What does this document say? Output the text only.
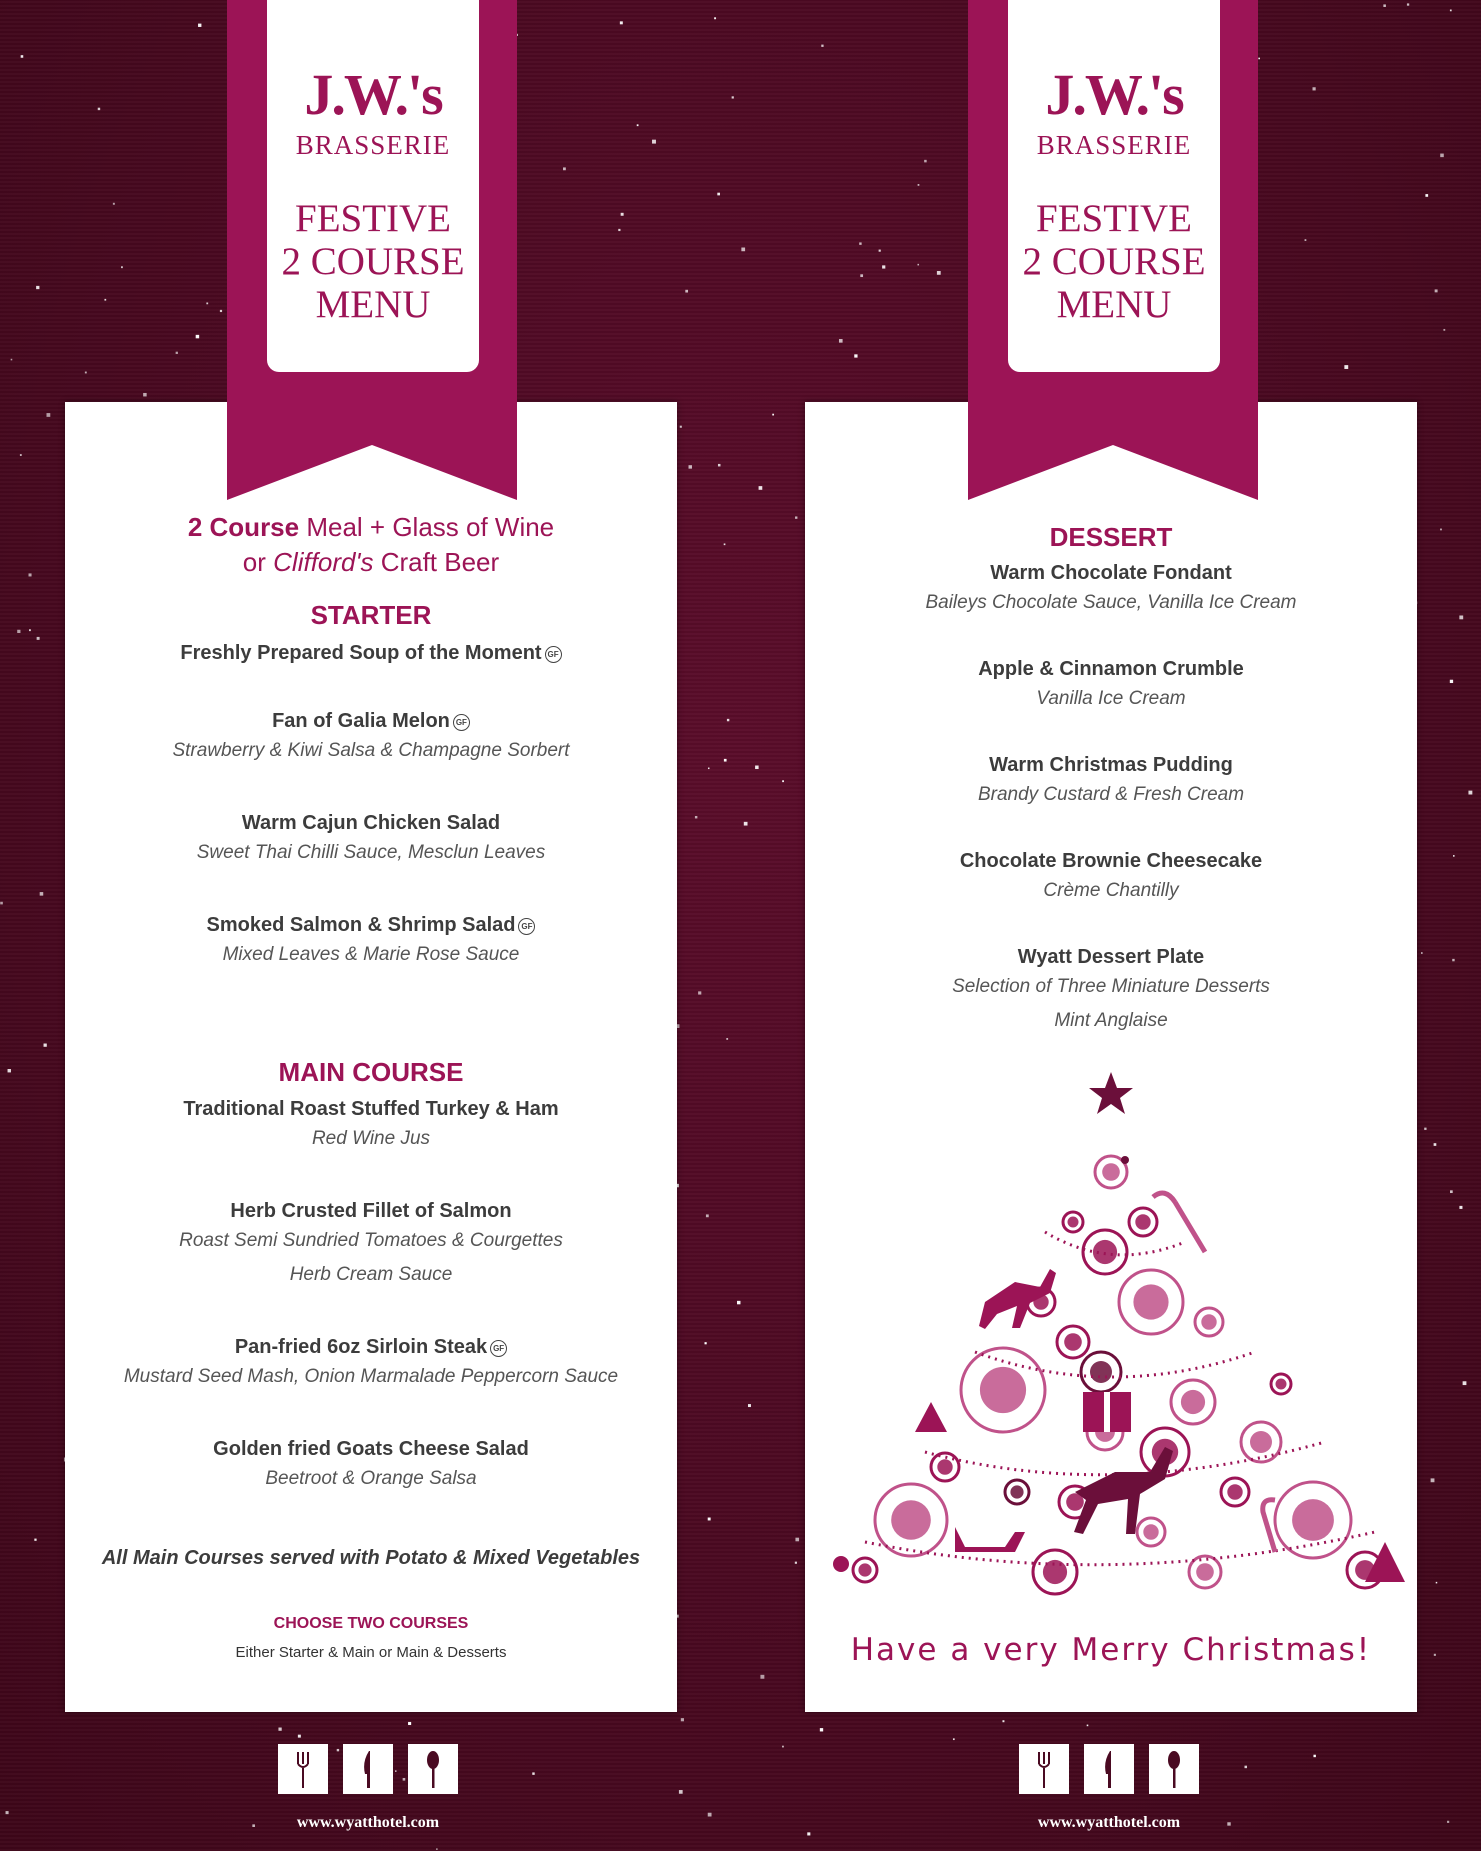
2 Course Meal + Glass of Wine
or Clifford's Craft Beer
STARTER
Freshly Prepared Soup of the Moment GF
Fan of Galia Melon GF
Strawberry & Kiwi Salsa & Champagne Sorbert
Warm Cajun Chicken Salad
Sweet Thai Chilli Sauce, Mesclun Leaves
Smoked Salmon & Shrimp Salad GF
Mixed Leaves & Marie Rose Sauce
MAIN COURSE
Traditional Roast Stuffed Turkey & Ham
Red Wine Jus
Herb Crusted Fillet of Salmon
Roast Semi Sundried Tomatoes & Courgettes
Herb Cream Sauce
Pan-fried 6oz Sirloin Steak GF
Mustard Seed Mash, Onion Marmalade Peppercorn Sauce
Golden fried Goats Cheese Salad
Beetroot & Orange Salsa
All Main Courses served with Potato & Mixed Vegetables
CHOOSE TWO COURSES
Either Starter & Main or Main & Desserts
DESSERT
Warm Chocolate Fondant
Baileys Chocolate Sauce, Vanilla Ice Cream
Apple & Cinnamon Crumble
Vanilla Ice Cream
Warm Christmas Pudding
Brandy Custard & Fresh Cream
Chocolate Brownie Cheesecake
Crème Chantilly
Wyatt Dessert Plate
Selection of Three Miniature Desserts
Mint Anglaise
Have a very Merry Christmas!
J.W.'s
BRASSERIE
FESTIVE
2 COURSE
MENU
J.W.'s
BRASSERIE
FESTIVE
2 COURSE
MENU
www.wyatthotel.com	www.wyatthotel.com
